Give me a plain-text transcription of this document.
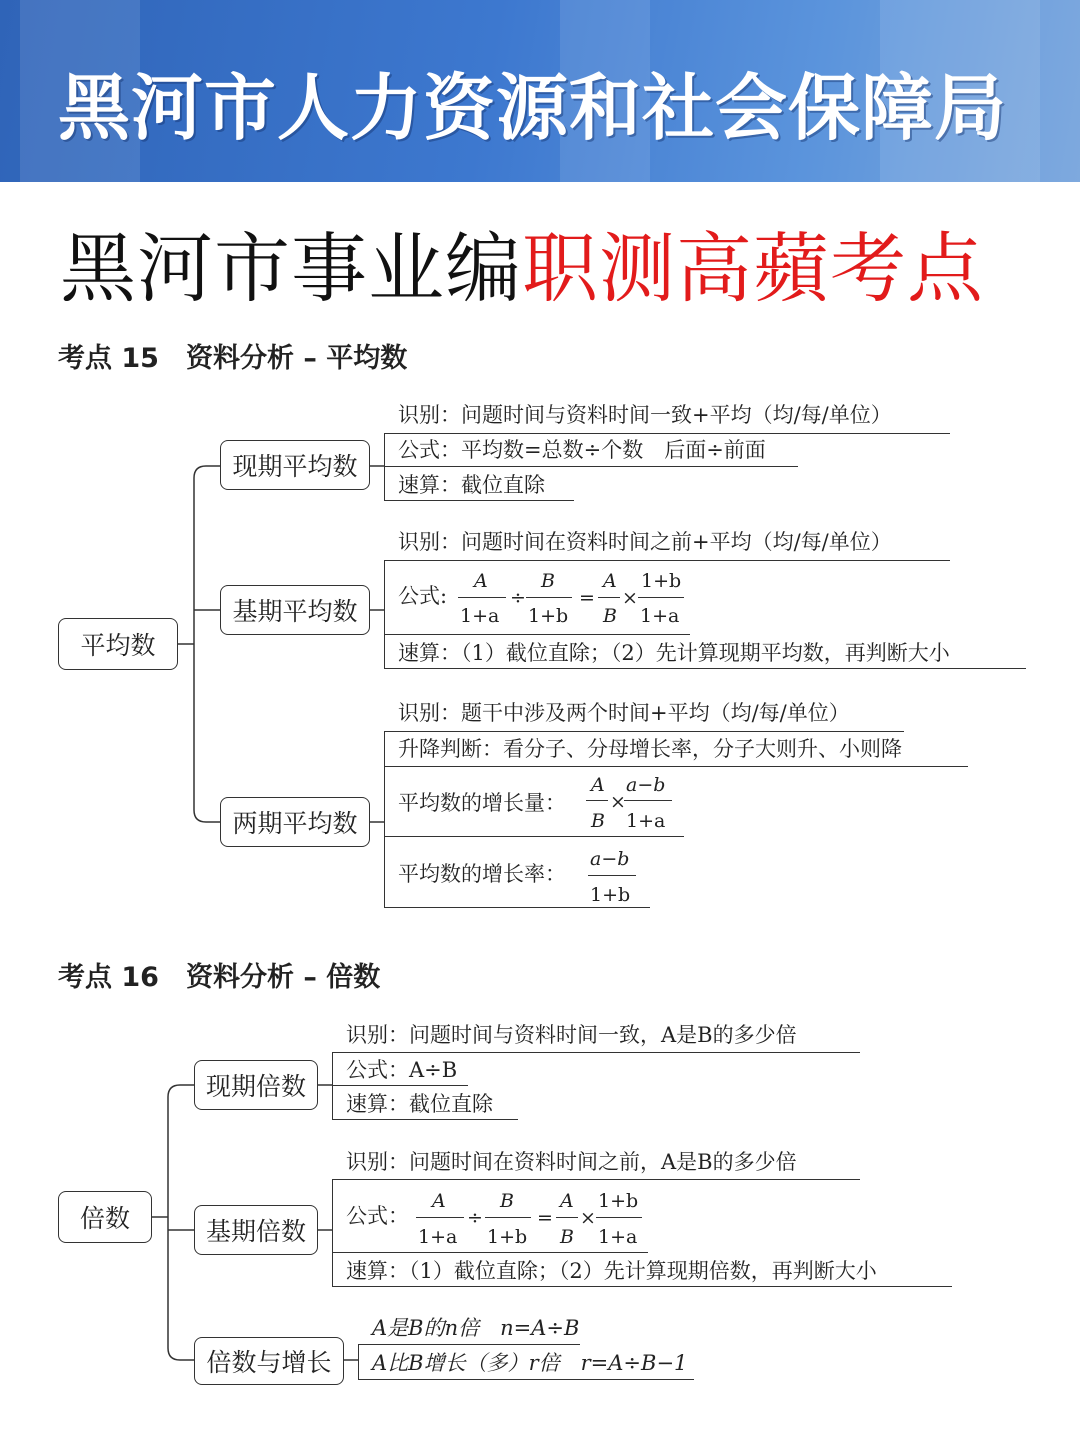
黑河市人力资源和社会保障局
黑河市事业编职测高蘋考点
考点 15　资料分析 – 平均数
平均数
现期平均数
识别：问题时间与资料时间一致+平均（均/每/单位）
公式：平均数=总数÷个数　后面÷前面
速算：截位直除
基期平均数
识别：问题时间在资料时间之前+平均（均/每/单位）
公式:
A
1+a
÷
B
1+b
=
A
B
×
1+b
1+a
速算：（1）截位直除；（2）先计算现期平均数，再判断大小
两期平均数
识别：题干中涉及两个时间+平均（均/每/单位）
升降判断：看分子、分母增长率，分子大则升、小则降
平均数的增长量：
A
B
×
a−b
1+a
平均数的增长率：
a−b
1+b
考点 16　资料分析 – 倍数
倍数
现期倍数
识别：问题时间与资料时间一致，A是B的多少倍
公式：A÷B
速算：截位直除
基期倍数
识别：问题时间在资料时间之前，A是B的多少倍
公式：
A
1+a
÷
B
1+b
=
A
B
×
1+b
1+a
速算：（1）截位直除；（2）先计算现期倍数，再判断大小
倍数与增长
A是B的n倍　n=A÷B
A比B增长（多）r倍　r=A÷B−1
